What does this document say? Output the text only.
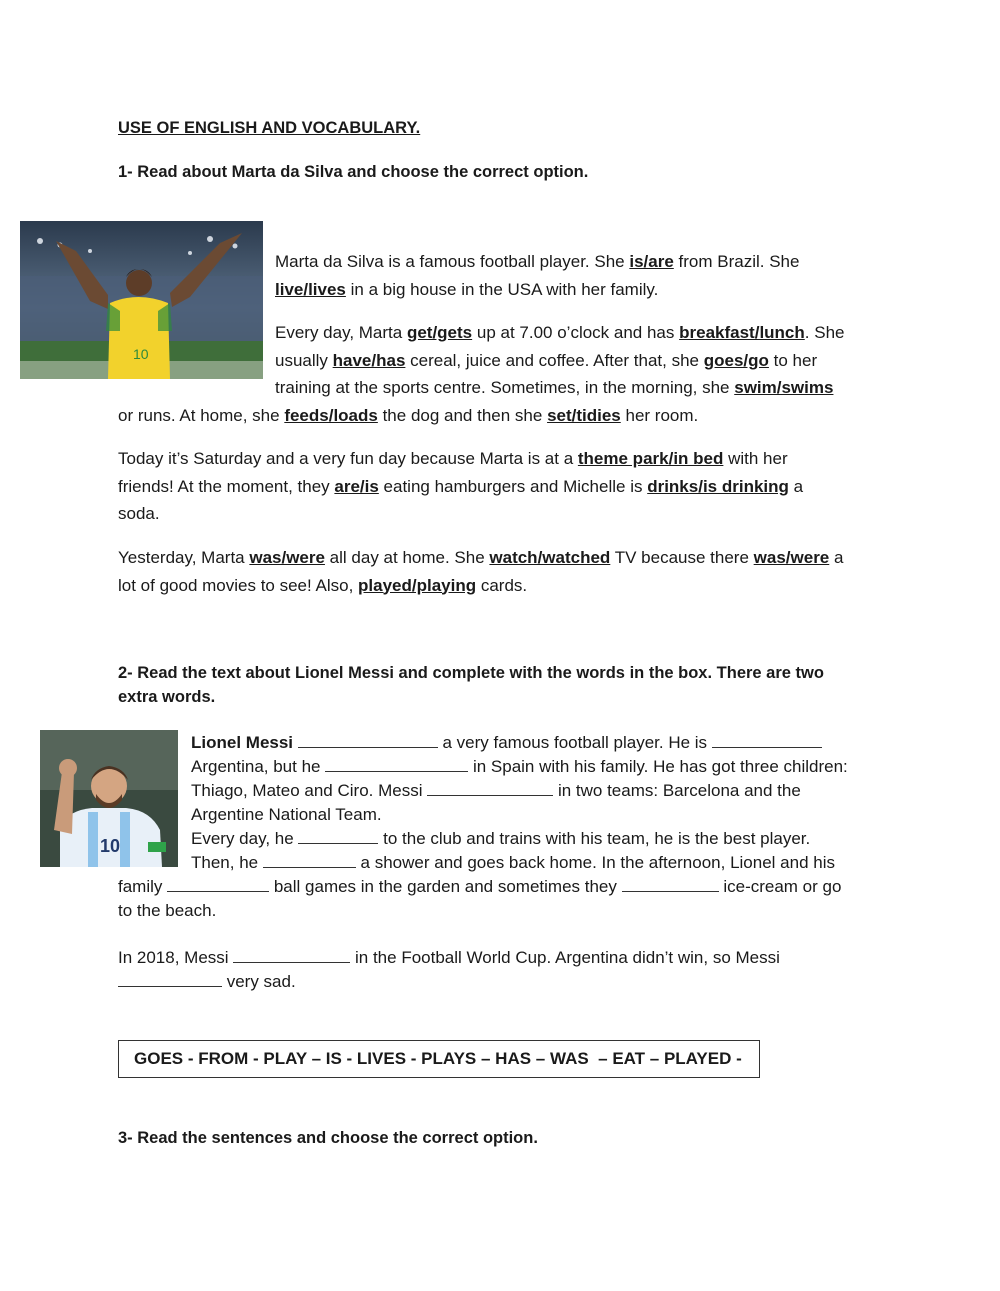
USE OF ENGLISH AND VOCABULARY.
1- Read about Marta da Silva and choose the correct option.
10
Marta da Silva is a famous football player. She is/are from Brazil. She
live/lives in a big house in the USA with her family.
Every day, Marta get/gets up at 7.00 o’clock and has breakfast/lunch. She
usually have/has cereal, juice and coffee. After that, she goes/go to her
training at the sports centre. Sometimes, in the morning, she swim/swims
or runs. At home, she feeds/loads the dog and then she set/tidies her room.
Today it’s Saturday and a very fun day because Marta is at a theme park/in bed with her
friends! At the moment, they are/is eating hamburgers and Michelle is drinks/is drinking a
soda.
Yesterday, Marta was/were all day at home. She watch/watched TV because there was/were a
lot of good movies to see! Also, played/playing cards.
2- Read the text about Lionel Messi and complete with the words in the box. There are two
extra words.
10
Lionel Messi	a very famous football player. He is
Argentina, but he	in Spain with his family. He has got three children:
Thiago, Mateo and Ciro. Messi	in two teams: Barcelona and the
Argentine National Team.
Every day, he	to the club and trains with his team, he is the best player.
Then, he	a shower and goes back home. In the afternoon, Lionel and his
family	ball games in the garden and sometimes they	ice-cream or go
to the beach.
In 2018, Messi	in the Football World Cup. Argentina didn’t win, so Messi
very sad.
GOES - FROM - PLAY – IS - LIVES - PLAYS – HAS – WAS  – EAT – PLAYED -
3- Read the sentences and choose the correct option.
